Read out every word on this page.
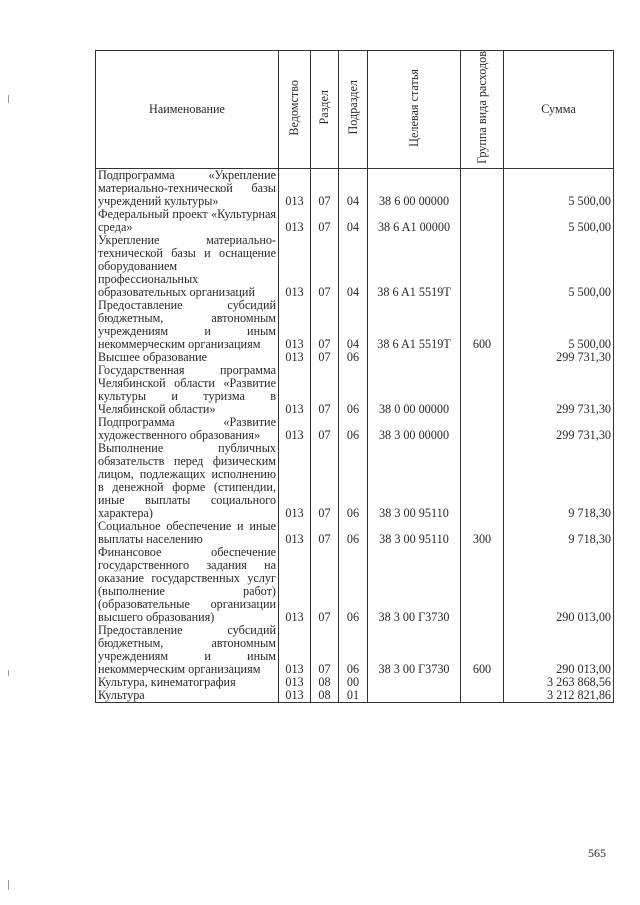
Наименование	Ведомство	Раздел	Подраздел	Целевая статья	Группа вида расходов	Сумма
Подпрограмма «Укрепление материально-технической базы учреждений культуры»	013	07	04	38 6 00 00000		5 500,00
Федеральный проект «Культурная среда»	013	07	04	38 6 A1 00000		5 500,00
Укрепление материально-технической базы и оснащение оборудованием профессиональных образовательных организаций	013	07	04	38 6 A1 5519T		5 500,00
Предоставление субсидий бюджетным, автономным учреждениям и иным некоммерческим организациям	013	07	04	38 6 A1 5519T	600	5 500,00
Высшее образование	013	07	06			299 731,30
Государственная программа Челябинской области «Развитие культуры и туризма в Челябинской области»	013	07	06	38 0 00 00000		299 731,30
Подпрограмма «Развитие художественного образования»	013	07	06	38 3 00 00000		299 731,30
Выполнение публичных обязательств перед физическим лицом, подлежащих исполнению в денежной форме (стипендии, иные выплаты социального характера)	013	07	06	38 3 00 95110		9 718,30
Социальное обеспечение и иные выплаты населению	013	07	06	38 3 00 95110	300	9 718,30
Финансовое обеспечение государственного задания на оказание государственных услуг (выполнение работ) (образовательные организации высшего образования)	013	07	06	38 3 00 Г3730		290 013,00
Предоставление субсидий бюджетным, автономным учреждениям и иным некоммерческим организациям	013	07	06	38 3 00 Г3730	600	290 013,00
Культура, кинематография	013	08	00			3 263 868,56
Культура	013	08	01			3 212 821,86
565
